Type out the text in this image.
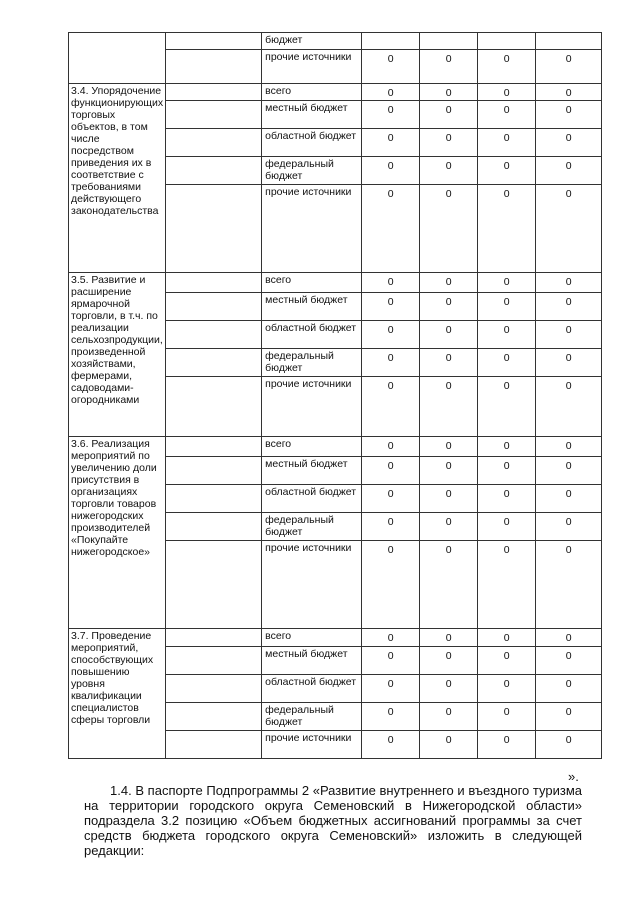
		бюджет				
		прочие источники	0	0	0	0
3.4. Упорядочение функционирующих торговых объектов, в том числе посредством приведения их в соответствие с требованиями действующего законодательства		всего	0	0	0	0
		местный бюджет	0	0	0	0
		областной бюджет	0	0	0	0
		федеральный бюджет	0	0	0	0
		прочие источники	0	0	0	0
3.5. Развитие и расширение ярмарочной торговли, в т.ч. по реализации сельхозпродукции, произведенной хозяйствами, фермерами, садоводами-огородниками		всего	0	0	0	0
		местный бюджет	0	0	0	0
		областной бюджет	0	0	0	0
		федеральный бюджет	0	0	0	0
		прочие источники	0	0	0	0
3.6. Реализация мероприятий по увеличению доли присутствия в организациях торговли товаров нижегородских производителей «Покупайте нижегородское»		всего	0	0	0	0
		местный бюджет	0	0	0	0
		областной бюджет	0	0	0	0
		федеральный бюджет	0	0	0	0
		прочие источники	0	0	0	0
3.7. Проведение мероприятий, способствующих повышению уровня квалификации специалистов сферы торговли		всего	0	0	0	0
		местный бюджет	0	0	0	0
		областной бюджет	0	0	0	0
		федеральный бюджет	0	0	0	0
		прочие источники	0	0	0	0
».
1.4. В паспорте Подпрограммы 2 «Развитие внутреннего и въездного туризма
на территории городского округа Семеновский в Нижегородской области»
подраздела 3.2 позицию «Объем бюджетных ассигнований программы за счет
средств бюджета городского округа Семеновский» изложить в следующей редакции:
